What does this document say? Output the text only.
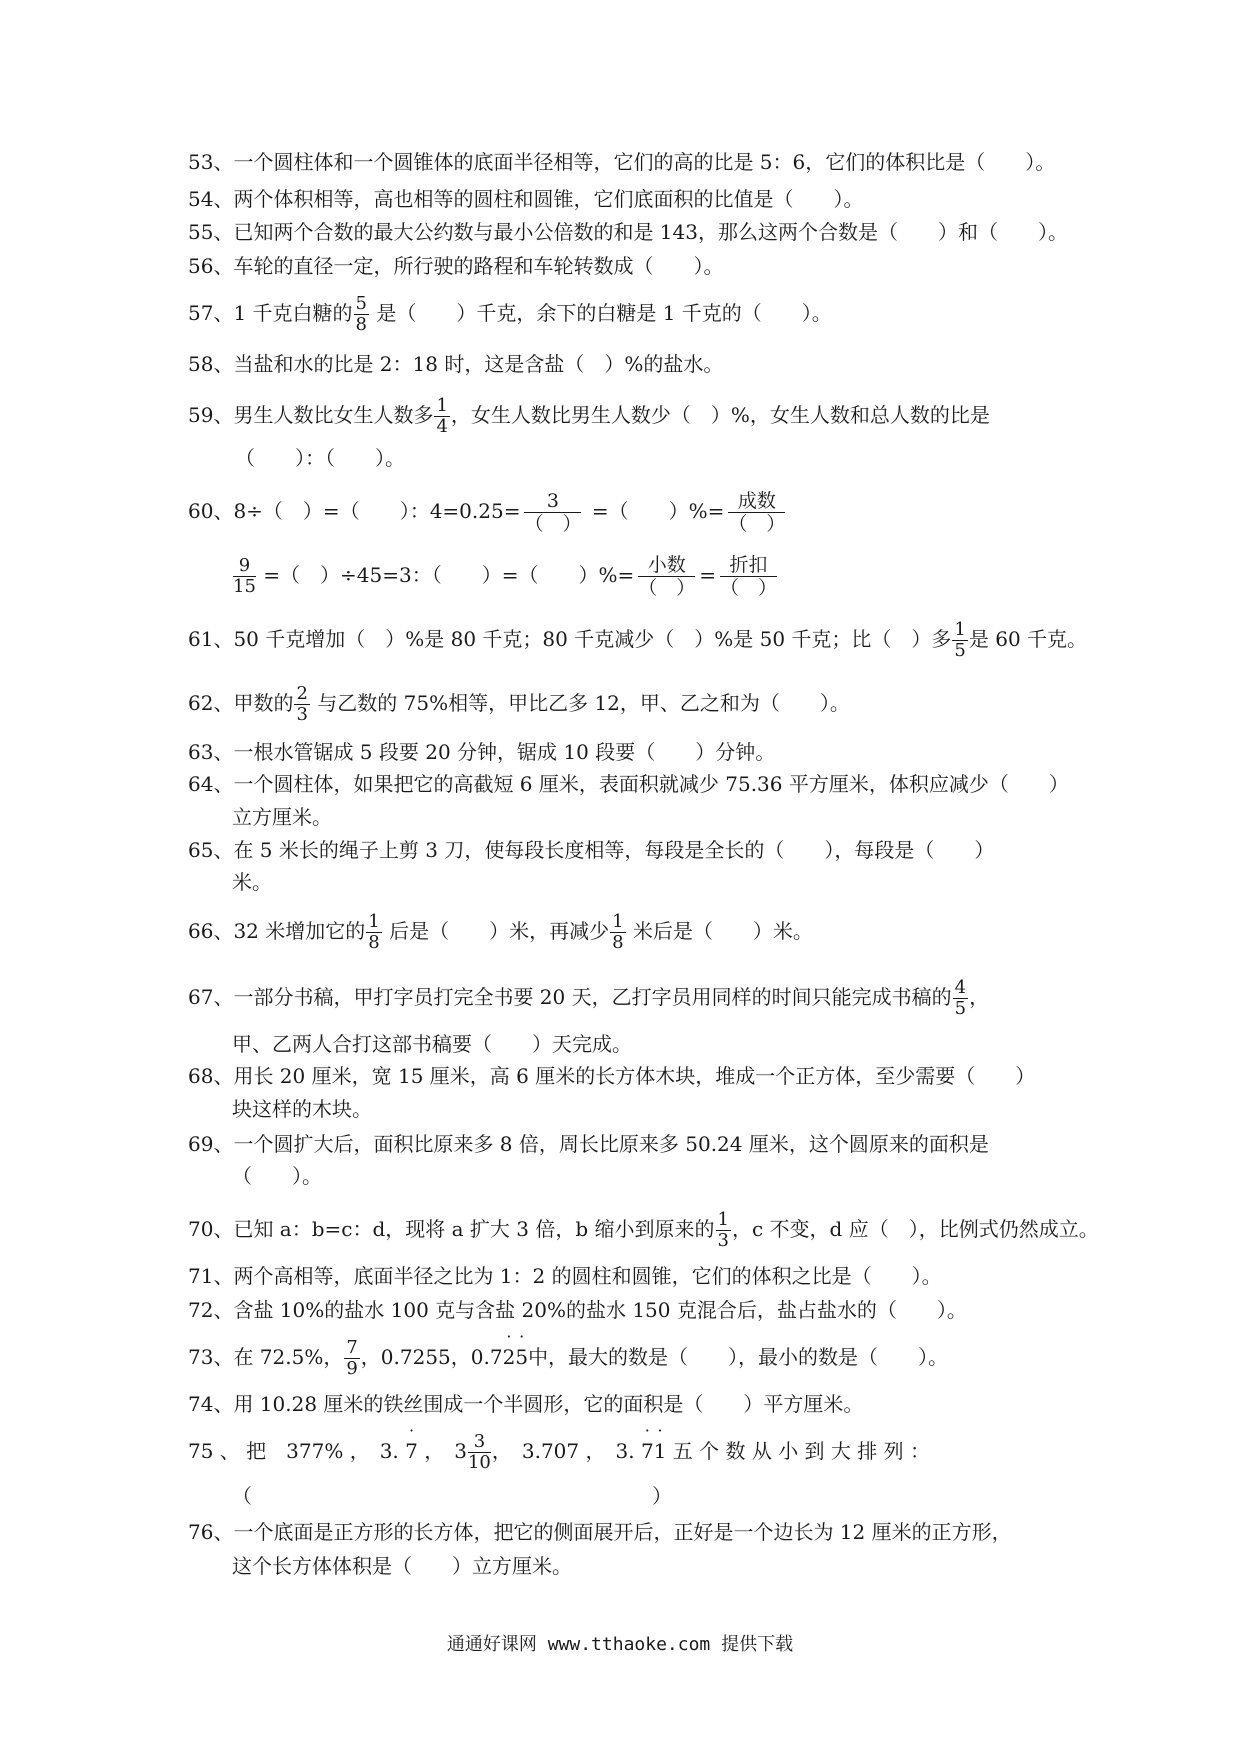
53、一个圆柱体和一个圆锥体的底面半径相等，它们的高的比是 5：6，它们的体积比是（　　）。
54、两个体积相等，高也相等的圆柱和圆锥，它们底面积的比值是（　　）。
55、已知两个合数的最大公约数与最小公倍数的和是 143，那么这两个合数是（　　）和（　　）。
56、车轮的直径一定，所行驶的路程和车轮转数成（　　）。
57、1 千克白糖的 $\frac{5}{8}$ 是（　　）千克，余下的白糖是 1 千克的（　　）。
58、当盐和水的比是 2：18 时，这是含盐（　）%的盐水。
59、男生人数比女生人数多 $\frac{1}{4}$ ，女生人数比男生人数少（　）%，女生人数和总人数的比是
（　　）：（　　）。
60、8÷（　）=（　　）：4=0.25=	3
（　）
=（　　）%= 成数
（　）
$\frac{9}{15}$ =（　）÷45=3：（　　）=（　　）%= 小数
（　）
= 折扣
（　）
61、50 千克增加（　）%是 80 千克；80 千克减少（　）%是 50 千克；比（　）多 $\frac{1}{5}$ 是 60 千克。
62、甲数的 $\frac{2}{3}$ 与乙数的 75%相等，甲比乙多 12，甲、乙之和为（　　）。
63、一根水管锯成 5 段要 20 分钟，锯成 10 段要（　　）分钟。
64、一个圆柱体，如果把它的高截短 6 厘米，表面积就减少 75.36 平方厘米，体积应减少（　　）
立方厘米。
65、在 5 米长的绳子上剪 3 刀，使每段长度相等，每段是全长的（　　），每段是（　　）
米。
66、32 米增加它的 $\frac{1}{8}$ 后是（　　）米，再减少 $\frac{1}{8}$ 米后是（　　）米。
67、一部分书稿，甲打字员打完全书要 20 天，乙打字员用同样的时间只能完成书稿的 $\frac{4}{5}$ ，
甲、乙两人合打这部书稿要（　　）天完成。
68、用长 20 厘米，宽 15 厘米，高 6 厘米的长方体木块，堆成一个正方体，至少需要（　　）
块这样的木块。
69、一个圆扩大后，面积比原来多 8 倍，周长比原来多 50.24 厘米，这个圆原来的面积是
（　　）。
70、已知 a：b=c：d，现将 a 扩大 3 倍，b 缩小到原来的 $\frac{1}{3}$ ，c 不变，d 应（　），比例式仍然成立。
71、两个高相等，底面半径之比为 1：2 的圆柱和圆锥，它们的体积之比是（　　）。
72、含盐 10%的盐水 100 克与含盐 20%的盐水 150 克混合后，盐占盐水的（　　）。
73、在 72.5%， $\frac{7}{9}$ ，0.7255，0.7· 2· 5中，最大的数是（　　），最小的数是（　　）。
74、用 10.28 厘米的铁丝围成一个半圆形，它的面积是（　　）平方厘米。
75 、 把　377% ，　3. · 7 ，　$3 \frac{3}{10}$ ，　3.707 ，　3. · 7· 1 五 个 数 从 小 到 大 排 列 ：
（　　　　　　　　　　　　　　　　　　　　）
76、一个底面是正方形的长方体，把它的侧面展开后，正好是一个边长为 12 厘米的正方形，
这个长方体体积是（　　）立方厘米。
通通好课网 www.tthaoke.com 提供下载
